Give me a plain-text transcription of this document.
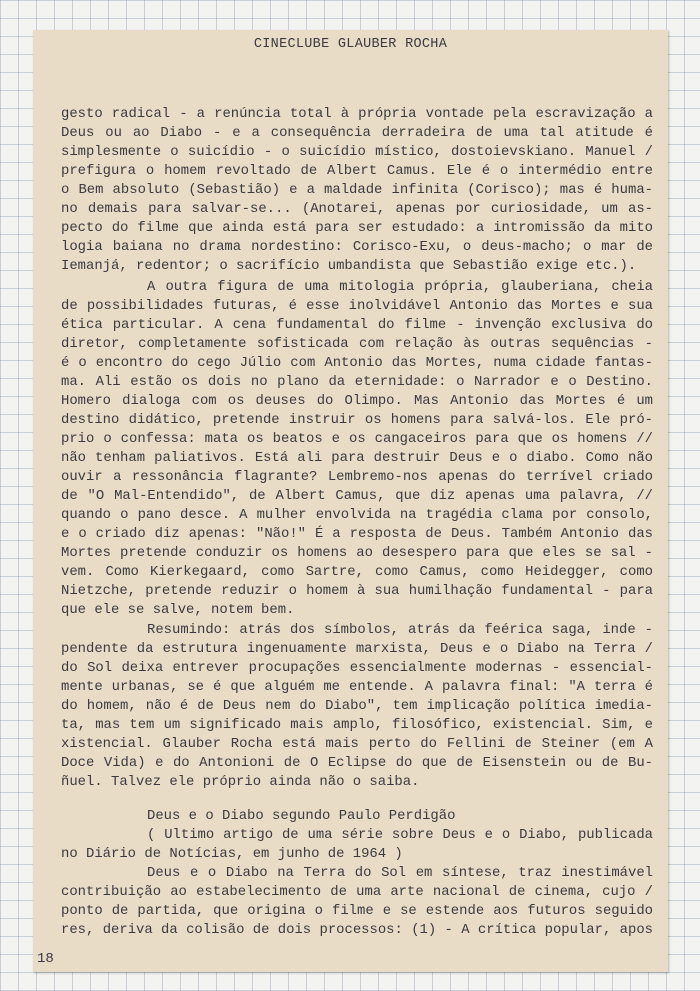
CINECLUBE GLAUBER ROCHA
gesto radical - a renúncia total à própria vontade pela escravização a
Deus ou ao Diabo - e a consequência derradeira de uma tal atitude é
simplesmente o suicídio - o suicídio místico, dostoievskiano. Manuel /
prefigura o homem revoltado de Albert Camus. Ele é o intermédio entre
o Bem absoluto (Sebastião) e a maldade infinita (Corisco); mas é huma-
no demais para salvar-se... (Anotarei, apenas por curiosidade, um as-
pecto do filme que ainda está para ser estudado: a intromissão da mito
logia baiana no drama nordestino: Corisco-Exu, o deus-macho; o mar de
Iemanjá, redentor; o sacrifício umbandista que Sebastião exige etc.).
A outra figura de uma mitologia própria, glauberiana, cheia
de possibilidades futuras, é esse inolvidável Antonio das Mortes e sua
ética particular. A cena fundamental do filme - invenção exclusiva do
diretor, completamente sofisticada com relação às outras sequências -
é o encontro do cego Júlio com Antonio das Mortes, numa cidade fantas-
ma. Ali estão os dois no plano da eternidade: o Narrador e o Destino.
Homero dialoga com os deuses do Olimpo. Mas Antonio das Mortes é um
destino didático, pretende instruir os homens para salvá-los. Ele pró-
prio o confessa: mata os beatos e os cangaceiros para que os homens //
não tenham paliativos. Está ali para destruir Deus e o diabo. Como não
ouvir a ressonância flagrante? Lembremo-nos apenas do terrível criado
de "O Mal-Entendido", de Albert Camus, que diz apenas uma palavra, //
quando o pano desce. A mulher envolvida na tragédia clama por consolo,
e o criado diz apenas: "Não!" É a resposta de Deus. Também Antonio das
Mortes pretende conduzir os homens ao desespero para que eles se sal -
vem. Como Kierkegaard, como Sartre, como Camus, como Heidegger, como
Nietzche, pretende reduzir o homem à sua humilhação fundamental - para
que ele se salve, notem bem.
Resumindo: atrás dos símbolos, atrás da feérica saga, inde -
pendente da estrutura ingenuamente marxista, Deus e o Diabo na Terra /
do Sol deixa entrever procupações essencialmente modernas - essencial-
mente urbanas, se é que alguém me entende. A palavra final: "A terra é
do homem, não é de Deus nem do Diabo", tem implicação política imedia-
ta, mas tem um significado mais amplo, filosófico, existencial. Sim, e
xistencial. Glauber Rocha está mais perto do Fellini de Steiner (em A
Doce Vida) e do Antonioni de O Eclipse do que de Eisenstein ou de Bu-
ñuel. Talvez ele próprio ainda não o saiba.
Deus e o Diabo segundo Paulo Perdigão
( Ultimo artigo de uma série sobre Deus e o Diabo, publicada
no Diário de Notícias, em junho de 1964 )
Deus e o Diabo na Terra do Sol em síntese, traz inestimável
contribuição ao estabelecimento de uma arte nacional de cinema, cujo /
ponto de partida, que origina o filme e se estende aos futuros seguido
res, deriva da colisão de dois processos: (1) - A crítica popular, apos
18
